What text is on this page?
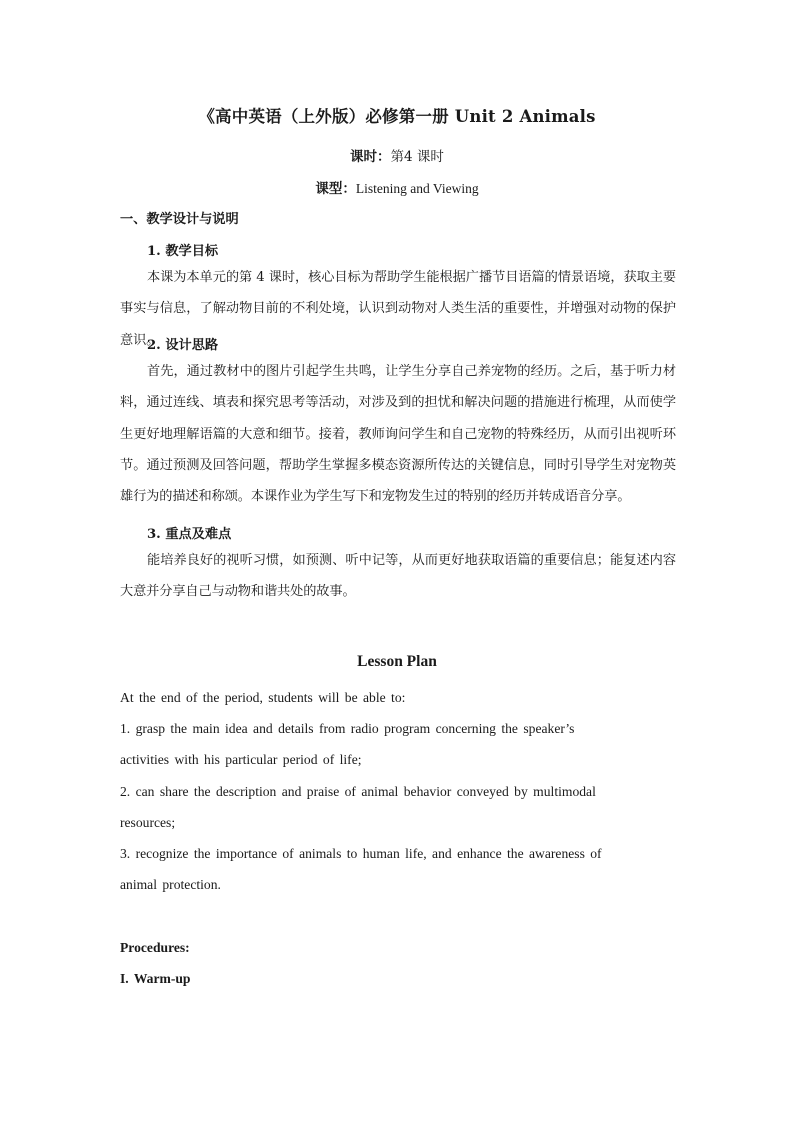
《高中英语（上外版）必修第一册 Unit 2 Animals
课时：第4 课时
课型：Listening and Viewing
一、教学设计与说明
1. 教学目标
本课为本单元的第 4 课时，核心目标为帮助学生能根据广播节目语篇的情景语境，获取主要事实与信息，了解动物目前的不利处境，认识到动物对人类生活的重要性，并增强对动物的保护意识。
2. 设计思路
首先，通过教材中的图片引起学生共鸣，让学生分享自己养宠物的经历。之后，基于听力材料，通过连线、填表和探究思考等活动，对涉及到的担忧和解决问题的措施进行梳理，从而使学生更好地理解语篇的大意和细节。接着，教师询问学生和自己宠物的特殊经历，从而引出视听环节。通过预测及回答问题，帮助学生掌握多模态资源所传达的关键信息，同时引导学生对宠物英雄行为的描述和称颂。本课作业为学生写下和宠物发生过的特别的经历并转成语音分享。
3. 重点及难点
能培养良好的视听习惯，如预测、听中记等，从而更好地获取语篇的重要信息；能复述内容大意并分享自己与动物和谐共处的故事。
Lesson Plan
At the end of the period, students will be able to:
1. grasp the main idea and details from radio program concerning the speaker’s
activities with his particular period of life;
2. can share the description and praise of animal behavior conveyed by multimodal
resources;
3. recognize the importance of animals to human life, and enhance the awareness of
animal protection.
Procedures:
I. Warm-up
